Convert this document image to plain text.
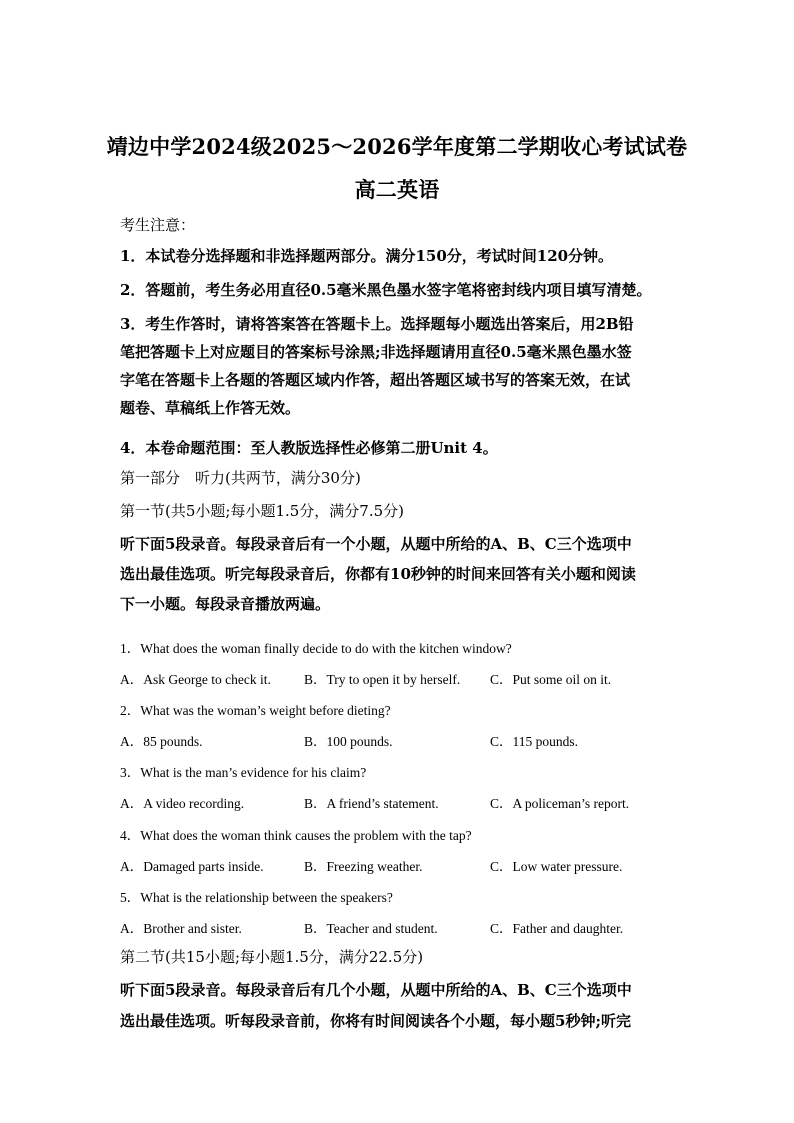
靖边中学2024级2025～2026学年度第二学期收心考试试卷
高二英语
考生注意：
1．本试卷分选择题和非选择题两部分。满分150分，考试时间120分钟。
2．答题前，考生务必用直径0.5毫米黑色墨水签字笔将密封线内项目填写清楚。
3．考生作答时，请将答案答在答题卡上。选择题每小题选出答案后，用2B铅
笔把答题卡上对应题目的答案标号涂黑;非选择题请用直径0.5毫米黑色墨水签
字笔在答题卡上各题的答题区域内作答，超出答题区域书写的答案无效，在试
题卷、草稿纸上作答无效。
4．本卷命题范围：至人教版选择性必修第二册Unit 4。
第一部分　听力(共两节，满分30分)
第一节(共5小题;每小题1.5分，满分7.5分)
听下面5段录音。每段录音后有一个小题，从题中所给的A、B、C三个选项中
选出最佳选项。听完每段录音后，你都有10秒钟的时间来回答有关小题和阅读
下一小题。每段录音播放两遍。
1．What does the woman finally decide to do with the kitchen window?
A．Ask George to check it. B．Try to open it by herself. C．Put some oil on it.
2．What was the woman’s weight before dieting?
A．85 pounds.	B．100 pounds.	C．115 pounds.
3．What is the man’s evidence for his claim?
A．A video recording.	B．A friend’s statement.	C．A policeman’s report.
4．What does the woman think causes the problem with the tap?
A．Damaged parts inside.	B．Freezing weather.	C．Low water pressure.
5．What is the relationship between the speakers?
A．Brother and sister.	B．Teacher and student.	C．Father and daughter.
第二节(共15小题;每小题1.5分，满分22.5分)
听下面5段录音。每段录音后有几个小题，从题中所给的A、B、C三个选项中
选出最佳选项。听每段录音前，你将有时间阅读各个小题，每小题5秒钟;听完
